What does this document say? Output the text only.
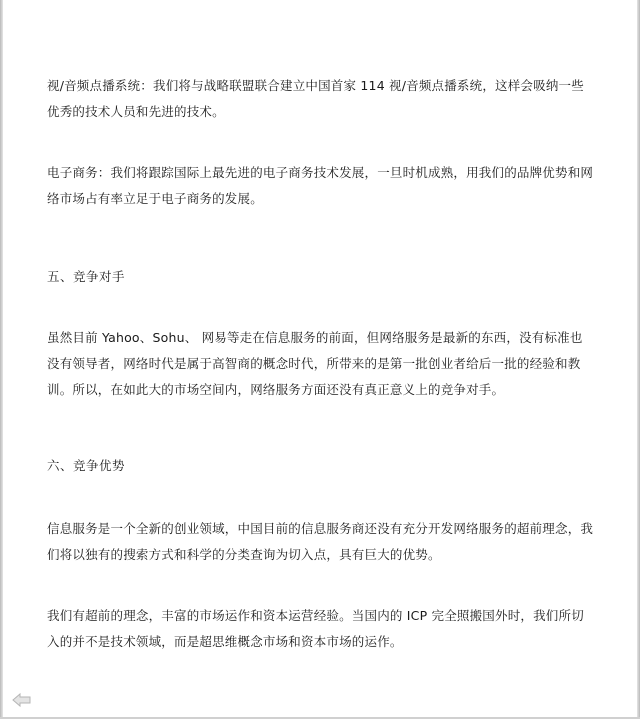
视/音频点播系统：我们将与战略联盟联合建立中国首家 114 视/音频点播系统，这样会吸纳一些优秀的技术人员和先进的技术。

电子商务：我们将跟踪国际上最先进的电子商务技术发展，一旦时机成熟，用我们的品牌优势和网络市场占有率立足于电子商务的发展。

五、竞争对手

虽然目前 Yahoo、Sohu、 网易等走在信息服务的前面，但网络服务是最新的东西，没有标准也没有领导者，网络时代是属于高智商的概念时代，所带来的是第一批创业者给后一批的经验和教训。所以，在如此大的市场空间内，网络服务方面还没有真正意义上的竞争对手。

六、竞争优势

信息服务是一个全新的创业领域，中国目前的信息服务商还没有充分开发网络服务的超前理念，我们将以独有的搜索方式和科学的分类查询为切入点，具有巨大的优势。

我们有超前的理念，丰富的市场运作和资本运营经验。当国内的 ICP 完全照搬国外时，我们所切入的并不是技术领域，而是超思维概念市场和资本市场的运作。
